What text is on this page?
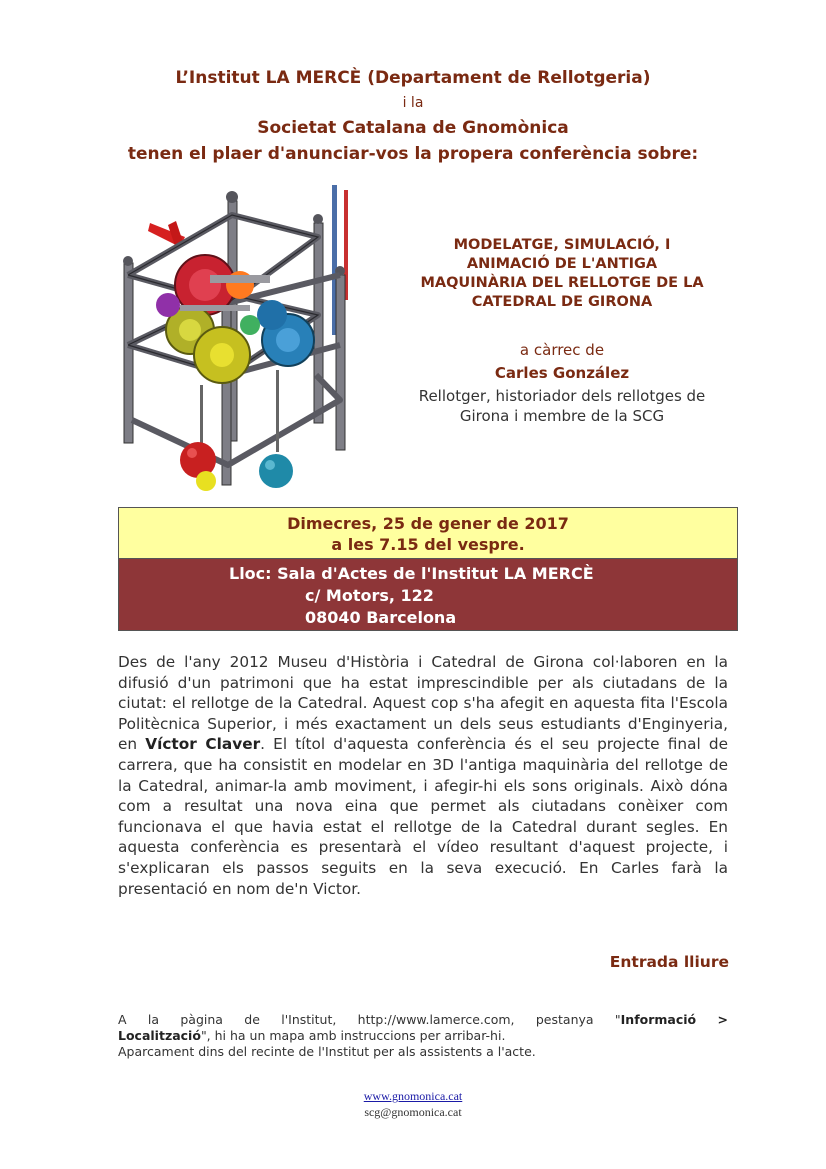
L’Institut LA MERCÈ (Departament de Rellotgeria)
i la
Societat Catalana de Gnomònica
tenen el plaer d'anunciar-vos la propera conferència sobre:
MODELATGE, SIMULACIÓ, I
ANIMACIÓ DE L'ANTIGA
MAQUINÀRIA DEL RELLOTGE DE LA
CATEDRAL DE GIRONA
a càrrec de
Carles González
Rellotger, historiador dels rellotges de
Girona i membre de la SCG
Dimecres, 25 de gener de 2017
a les 7.15 del vespre.
Lloc: Sala d'Actes de l'Institut LA MERCÈ
c/ Motors, 122
08040 Barcelona
Des de l'any 2012 Museu d'Història i Catedral de Girona col·laboren en la difusió d'un patrimoni que ha estat imprescindible per als ciutadans de la ciutat: el rellotge de la Catedral. Aquest cop s'ha afegit en aquesta fita l'Escola Politècnica Superior, i més exactament un dels seus estudiants d'Enginyeria, en Víctor Claver. El títol d'aquesta conferència és el seu projecte final de carrera, que ha consistit en modelar en 3D l'antiga maquinària del rellotge de la Catedral, animar-la amb moviment, i afegir-hi els sons originals. Això dóna com a resultat una nova eina que permet als ciutadans conèixer com funcionava el que havia estat el rellotge de la Catedral durant segles. En aquesta conferència es presentarà el vídeo resultant d'aquest projecte, i s'explicaran els passos seguits en la seva execució. En Carles farà la presentació en nom de'n Victor.
Entrada lliure
A la pàgina de l'Institut, http://www.lamerce.com, pestanya "Informació >
Localització", hi ha un mapa amb instruccions per arribar-hi.
Aparcament dins del recinte de l'Institut per als assistents a l'acte.
www.gnomonica.cat
scg@gnomonica.cat
